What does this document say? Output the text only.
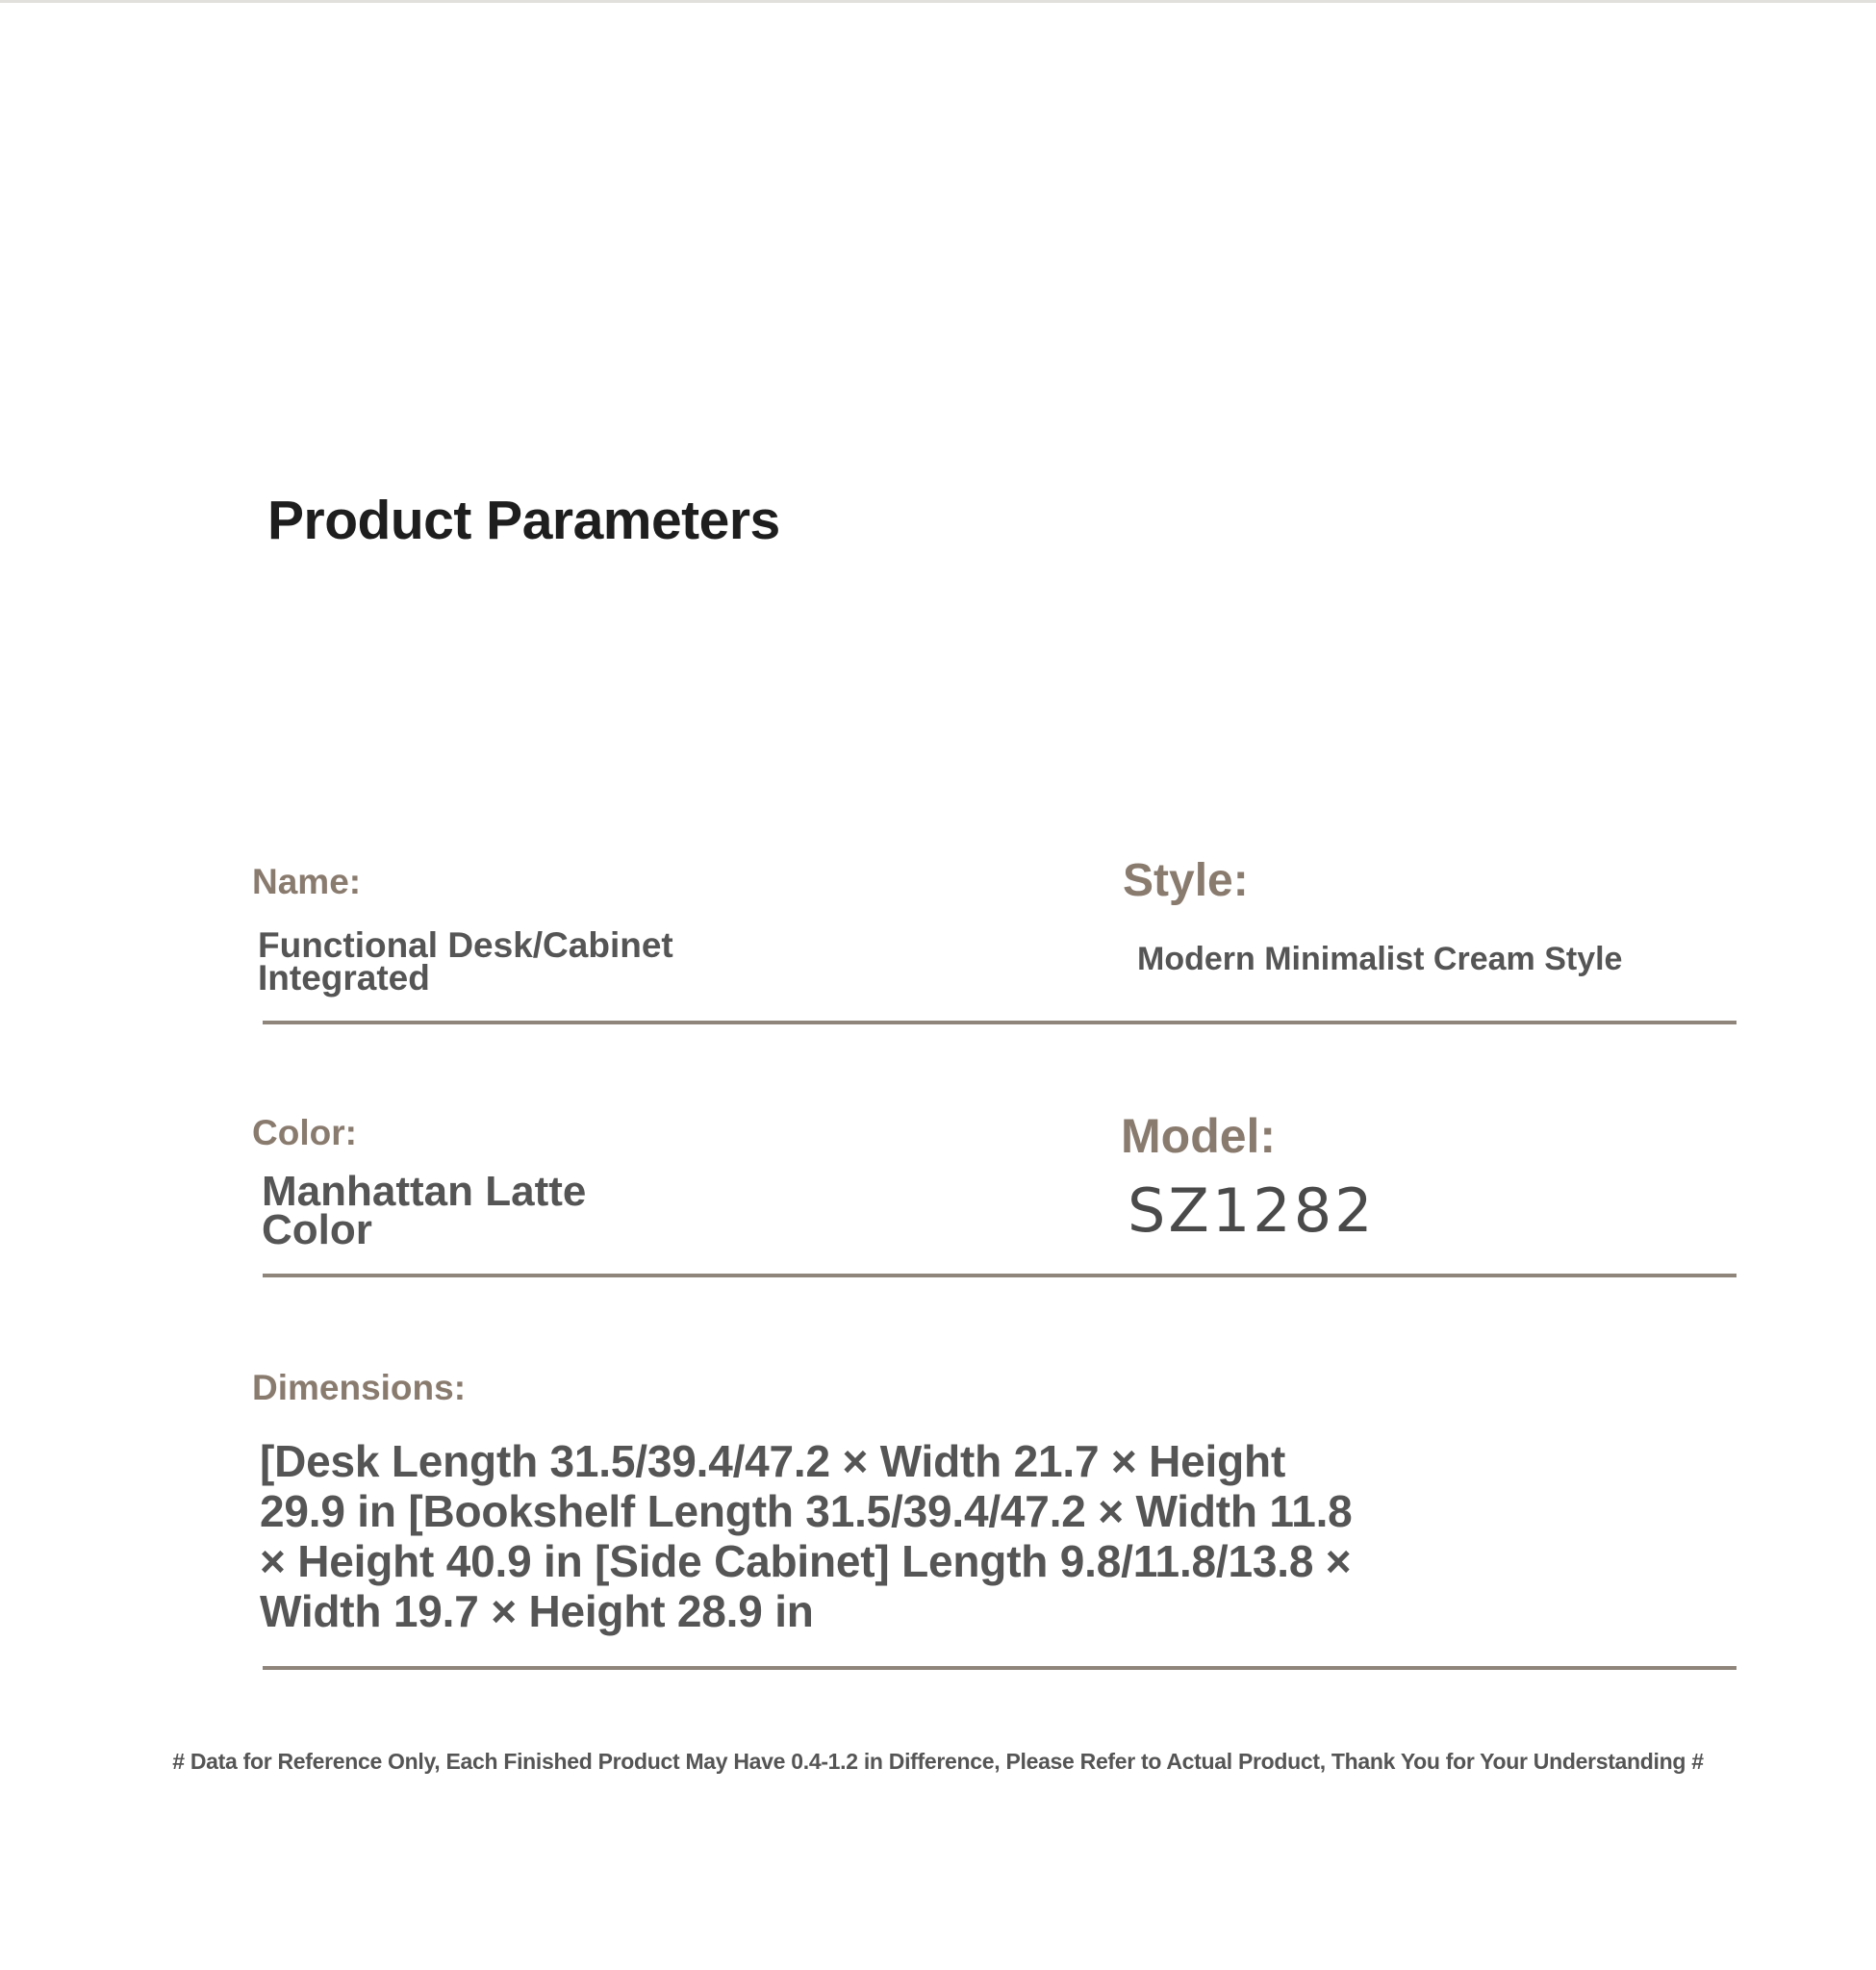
Product Parameters
Name:
Functional Desk/Cabinet Integrated
Style:
Modern Minimalist Cream Style
Color:
Manhattan Latte Color
Model:
SZ1282
Dimensions:
[Desk Length 31.5/39.4/47.2 × Width 21.7 × Height 29.9 in [Bookshelf Length 31.5/39.4/47.2 × Width 11.8 × Height 40.9 in [Side Cabinet] Length 9.8/11.8/13.8 × Width 19.7 × Height 28.9 in

# Data for Reference Only, Each Finished Product May Have 0.4-1.2 in Difference, Please Refer to Actual Product, Thank You for Your Understanding #
